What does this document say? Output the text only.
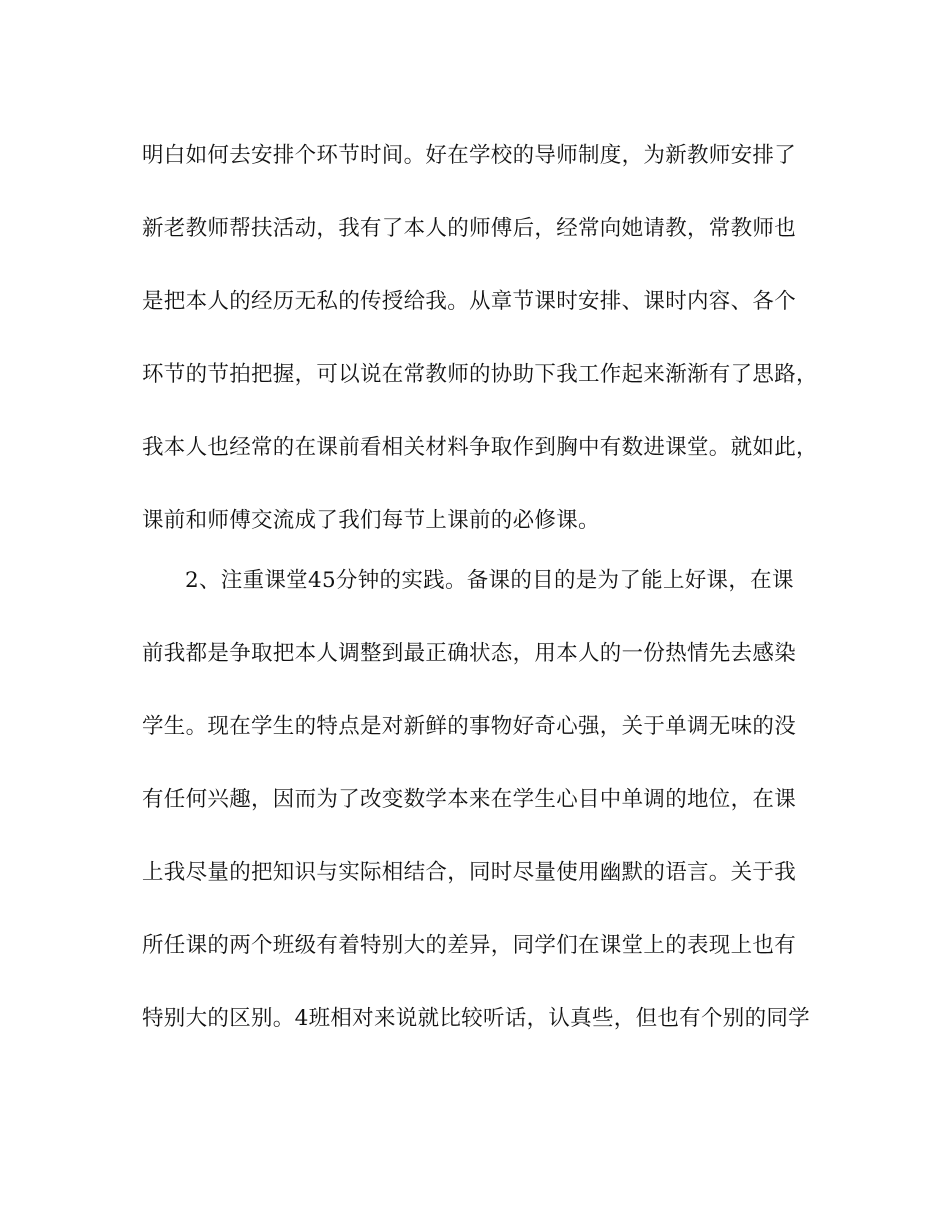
明白如何去安排个环节时间。好在学校的导师制度，为新教师安排了
新老教师帮扶活动，我有了本人的师傅后，经常向她请教，常教师也
是把本人的经历无私的传授给我。从章节课时安排、课时内容、各个
环节的节拍把握，可以说在常教师的协助下我工作起来渐渐有了思路，
我本人也经常的在课前看相关材料争取作到胸中有数进课堂。就如此，
课前和师傅交流成了我们每节上课前的必修课。
2、注重课堂45分钟的实践。备课的目的是为了能上好课，在课
前我都是争取把本人调整到最正确状态，用本人的一份热情先去感染
学生。现在学生的特点是对新鲜的事物好奇心强，关于单调无味的没
有任何兴趣，因而为了改变数学本来在学生心目中单调的地位，在课
上我尽量的把知识与实际相结合，同时尽量使用幽默的语言。关于我
所任课的两个班级有着特别大的差异，同学们在课堂上的表现上也有
特别大的区别。4班相对来说就比较听话，认真些，但也有个别的同学
